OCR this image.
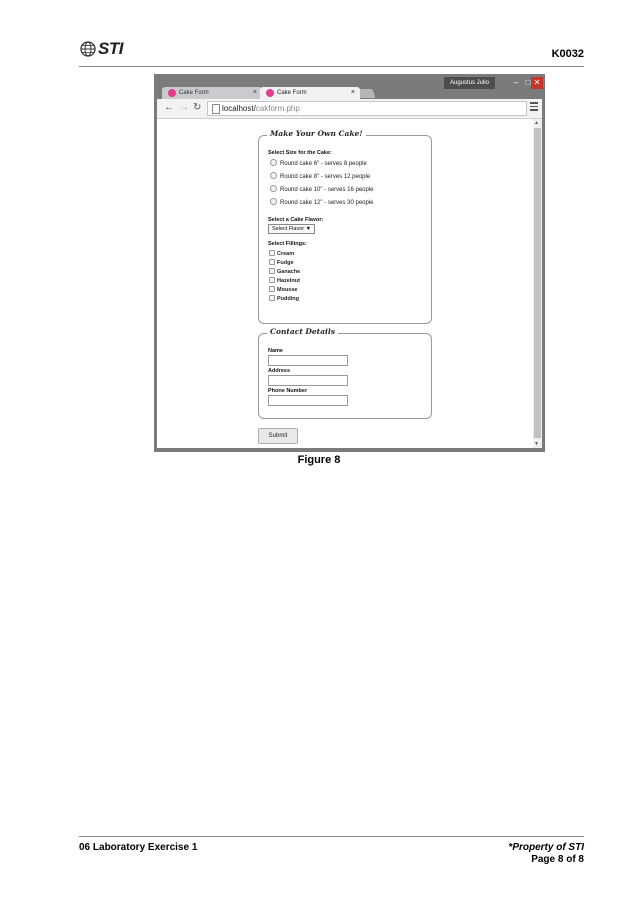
STI	K0032
Augustus Julio	– □ ✕
Cake Form	×	Cake Form	×
← → ↻	localhost/cakform.php
Make Your Own Cake!
Select Size for the Cake:
Round cake 6" - serves 8 people
Round cake 8" - serves 12 people
Round cake 10" - serves 16 people
Round cake 12" - serves 30 people
Select a Cake Flavor:
Select Flavor ▼
Select Fillings:
Cream
Fudge
Ganache
Hazelnut
Mousse
Pudding
Contact Details
Name
Address
Phone Number
Submit
▲
▼
Figure 8
06 Laboratory Exercise 1	*Property of STI
Page 8 of 8
